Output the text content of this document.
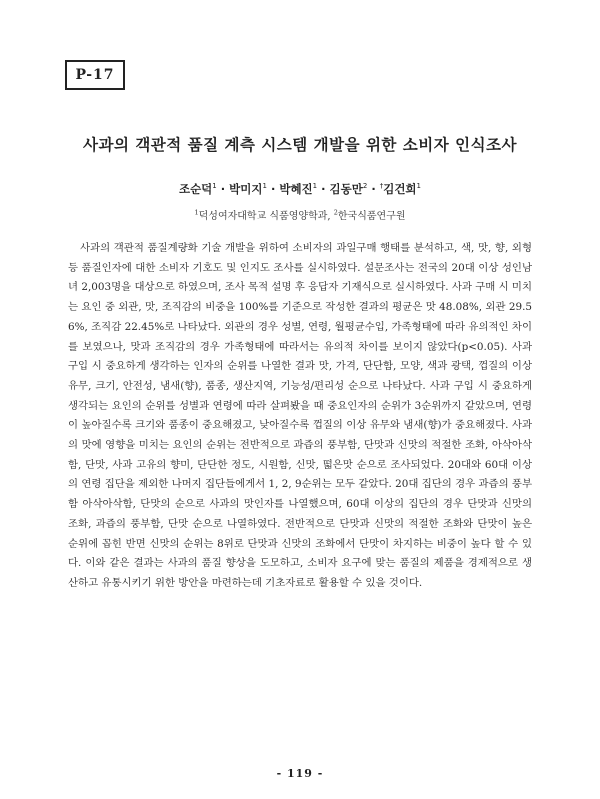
P-17
사과의 객관적 품질 계측 시스템 개발을 위한 소비자 인식조사
조순덕$^1$ · 박미지$^1$ · 박혜진$^1$ · 김동만$^2$ · †김건희$^1$
$^1$덕성여자대학교 식품영양학과, $^2$한국식품연구원

사과의 객관적 품질계량화 기술 개발을 위하여 소비자의 과일구매 행태를 분석하고, 색, 맛, 향, 외형 등 품질인자에 대한 소비자 기호도 및 인지도 조사를 실시하였다. 설문조사는 전국의 20대 이상 성인남녀 2,003명을 대상으로 하였으며, 조사 목적 설명 후 응답자 기재식으로 실시하였다. 사과 구매 시 미치는 요인 중 외관, 맛, 조직감의 비중을 100%를 기준으로 작성한 결과의 평균은 맛 48.08%, 외관 29.56%, 조직감 22.45%로 나타났다. 외관의 경우 성별, 연령, 월평균수입, 가족형태에 따라 유의적인 차이를 보였으나, 맛과 조직감의 경우 가족형태에 따라서는 유의적 차이를 보이지 않았다(p<0.05). 사과 구입 시 중요하게 생각하는 인자의 순위를 나열한 결과 맛, 가격, 단단함, 모양, 색과 광택, 껍질의 이상 유무, 크기, 안전성, 냄새(향), 품종, 생산지역, 기능성/편리성 순으로 나타났다. 사과 구입 시 중요하게 생각되는 요인의 순위를 성별과 연령에 따라 살펴봤을 때 중요인자의 순위가 3순위까지 같았으며, 연령이 높아질수록 크기와 품종이 중요해졌고, 낮아질수록 껍질의 이상 유무와 냄새(향)가 중요해졌다. 사과의 맛에 영향을 미치는 요인의 순위는 전반적으로 과즙의 풍부함, 단맛과 신맛의 적절한 조화, 아삭아삭함, 단맛, 사과 고유의 향미, 단단한 정도, 시원함, 신맛, 떫은맛 순으로 조사되었다. 20대와 60대 이상의 연령 집단을 제외한 나머지 집단들에게서 1, 2, 9순위는 모두 같았다. 20대 집단의 경우 과즙의 풍부함 아삭아삭함, 단맛의 순으로 사과의 맛인자를 나열했으며, 60대 이상의 집단의 경우 단맛과 신맛의 조화, 과즙의 풍부함, 단맛 순으로 나열하였다. 전반적으로 단맛과 신맛의 적절한 조화와 단맛이 높은 순위에 꼽힌 반면 신맛의 순위는 8위로 단맛과 신맛의 조화에서 단맛이 차지하는 비중이 높다 할 수 있다. 이와 같은 결과는 사과의 품질 향상을 도모하고, 소비자 요구에 맞는 품질의 제품을 경제적으로 생산하고 유통시키기 위한 방안을 마련하는데 기초자료로 활용할 수 있을 것이다.

- 119 -
